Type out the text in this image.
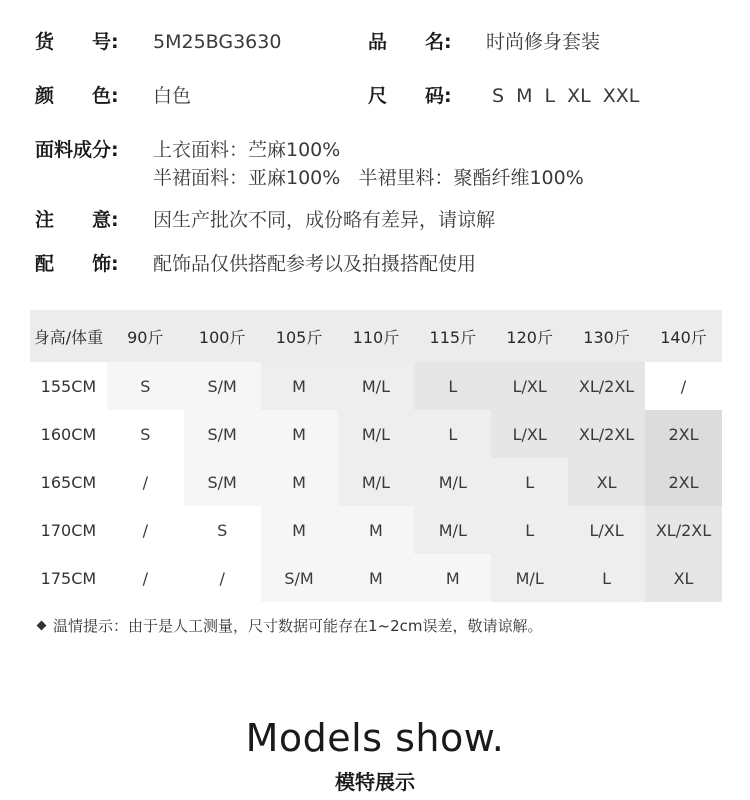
货　　号:	5M25BG3630	品　　名: 时尚修身套装
颜　　色:	白色	尺　　码: S M L XL XXL
面料成分:	上衣面料：苎麻100%
半裙面料：亚麻100%   半裙里料：聚酯纤维100%
注　　意:	因生产批次不同，成份略有差异，请谅解
配　　饰:	配饰品仅供搭配参考以及拍摄搭配使用
身高/体重	90斤	100斤	105斤	110斤	115斤	120斤	130斤	140斤
155CM	S	S/M	M	M/L	L	L/XL	XL/2XL	/
160CM	S	S/M	M	M/L	L	L/XL	XL/2XL	2XL
165CM	/	S/M	M	M/L	M/L	L	XL	2XL
170CM	/	S	M	M	M/L	L	L/XL	XL/2XL
175CM	/	/	S/M	M	M	M/L	L	XL
温情提示：由于是人工测量，尺寸数据可能存在1~2cm误差，敬请谅解。
Models show.
模特展示
